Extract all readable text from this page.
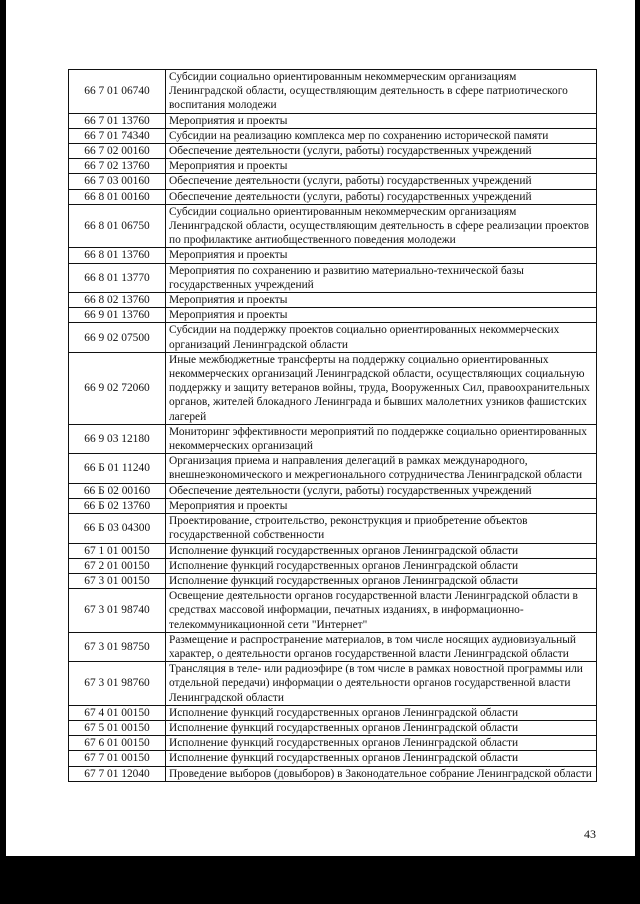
66 7 01 06740	Субсидии социально ориентированным некоммерческим организациям Ленинградской области, осуществляющим деятельность в сфере патриотического воспитания молодежи
66 7 01 13760	Мероприятия и проекты
66 7 01 74340	Субсидии на реализацию комплекса мер по сохранению исторической памяти
66 7 02 00160	Обеспечение деятельности (услуги, работы) государственных учреждений
66 7 02 13760	Мероприятия и проекты
66 7 03 00160	Обеспечение деятельности (услуги, работы) государственных учреждений
66 8 01 00160	Обеспечение деятельности (услуги, работы) государственных учреждений
66 8 01 06750	Субсидии социально ориентированным некоммерческим организациям Ленинградской области, осуществляющим деятельность в сфере реализации проектов по профилактике антиобщественного поведения молодежи
66 8 01 13760	Мероприятия и проекты
66 8 01 13770	Мероприятия по сохранению и развитию материально-технической базы государственных учреждений
66 8 02 13760	Мероприятия и проекты
66 9 01 13760	Мероприятия и проекты
66 9 02 07500	Субсидии на поддержку проектов социально ориентированных некоммерческих организаций Ленинградской области
66 9 02 72060	Иные межбюджетные трансферты на поддержку социально ориентированных некоммерческих организаций Ленинградской области, осуществляющих социальную поддержку и защиту ветеранов войны, труда, Вооруженных Сил, правоохранительных органов, жителей блокадного Ленинграда и бывших малолетних узников фашистских лагерей
66 9 03 12180	Мониторинг эффективности мероприятий по поддержке социально ориентированных некоммерческих организаций
66 Б 01 11240	Организация приема и направления делегаций в рамках международного, внешнеэкономического и межрегионального сотрудничества Ленинградской области
66 Б 02 00160	Обеспечение деятельности (услуги, работы) государственных учреждений
66 Б 02 13760	Мероприятия и проекты
66 Б 03 04300	Проектирование, строительство, реконструкция и приобретение объектов государственной собственности
67 1 01 00150	Исполнение функций государственных органов Ленинградской области
67 2 01 00150	Исполнение функций государственных органов Ленинградской области
67 3 01 00150	Исполнение функций государственных органов Ленинградской области
67 3 01 98740	Освещение деятельности органов государственной власти Ленинградской области в средствах массовой информации, печатных изданиях, в информационно-телекоммуникационной сети "Интернет"
67 3 01 98750	Размещение и распространение материалов, в том числе носящих аудиовизуальный характер, о деятельности органов государственной власти Ленинградской области
67 3 01 98760	Трансляция в теле- или радиоэфире (в том числе в рамках новостной программы или отдельной передачи) информации о деятельности органов государственной власти Ленинградской области
67 4 01 00150	Исполнение функций государственных органов Ленинградской области
67 5 01 00150	Исполнение функций государственных органов Ленинградской области
67 6 01 00150	Исполнение функций государственных органов Ленинградской области
67 7 01 00150	Исполнение функций государственных органов Ленинградской области
67 7 01 12040	Проведение выборов (довыборов) в Законодательное собрание Ленинградской области
43
